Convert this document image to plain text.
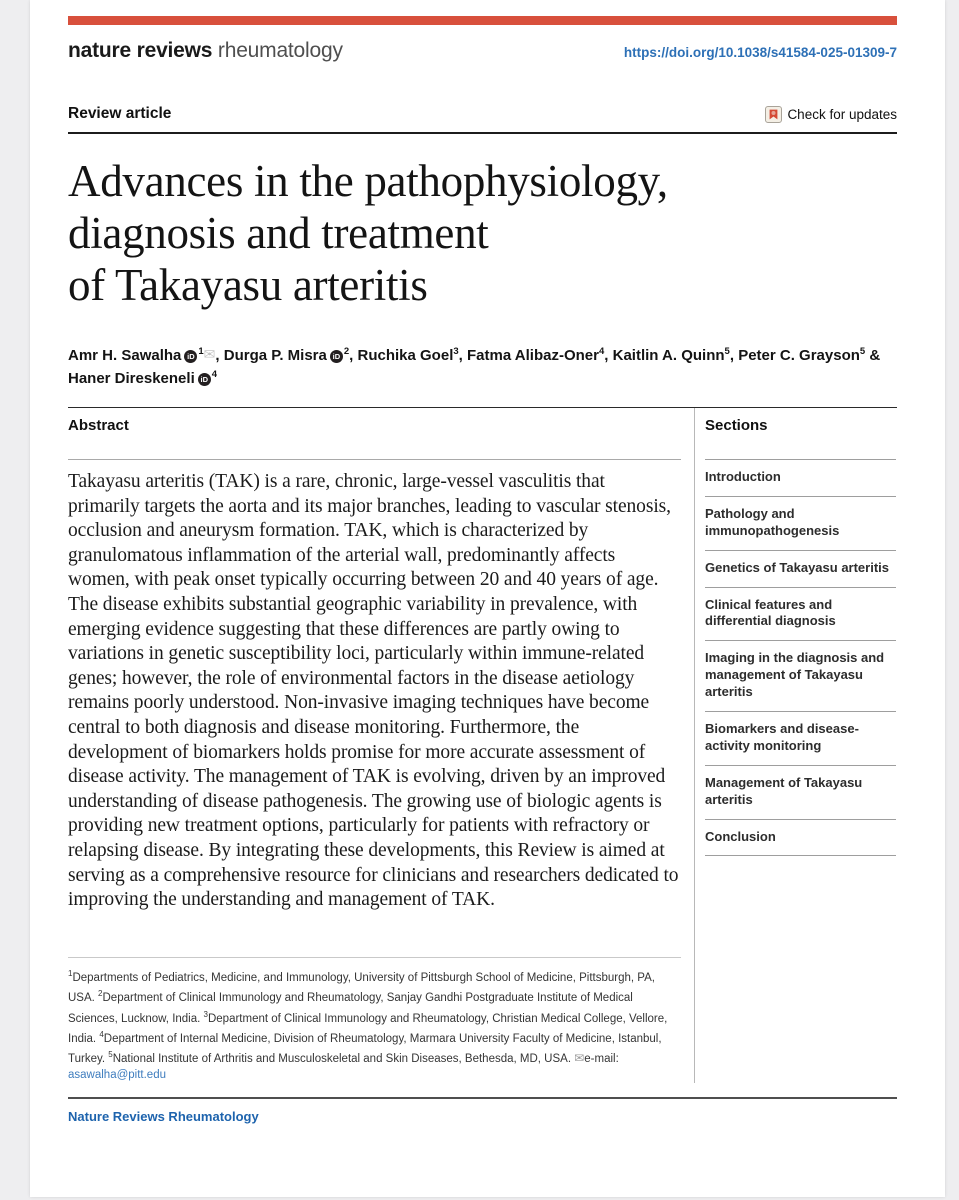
nature reviews rheumatology	https://doi.org/10.1038/s41584-025-01309-7
Review article	Check for updates
Advances in the pathophysiology,
diagnosis and treatment
of Takayasu arteritis
Amr H. Sawalha iD $^1$✉, Durga P. Misra iD $^2$, Ruchika Goel$^3$, Fatma Alibaz-Oner$^4$, Kaitlin A. Quinn$^5$, Peter C. Grayson$^5$ & Haner Direskeneli iD $^4$
Abstract

Takayasu arteritis (TAK) is a rare, chronic, large-vessel vasculitis that primarily targets the aorta and its major branches, leading to vascular stenosis, occlusion and aneurysm formation. TAK, which is characterized by granulomatous inflammation of the arterial wall, predominantly affects women, with peak onset typically occurring between 20 and 40 years of age. The disease exhibits substantial geographic variability in prevalence, with emerging evidence suggesting that these differences are partly owing to variations in genetic susceptibility loci, particularly within immune-related genes; however, the role of environmental factors in the disease aetiology remains poorly understood. Non-invasive imaging techniques have become central to both diagnosis and disease monitoring. Furthermore, the development of biomarkers holds promise for more accurate assessment of disease activity. The management of TAK is evolving, driven by an improved understanding of disease pathogenesis. The growing use of biologic agents is providing new treatment options, particularly for patients with refractory or relapsing disease. By integrating these developments, this Review is aimed at serving as a comprehensive resource for clinicians and researchers dedicated to improving the understanding and management of TAK.

$^1$Departments of Pediatrics, Medicine, and Immunology, University of Pittsburgh School of Medicine, Pittsburgh, PA, USA. $^2$Department of Clinical Immunology and Rheumatology, Sanjay Gandhi Postgraduate Institute of Medical Sciences, Lucknow, India. $^3$Department of Clinical Immunology and Rheumatology, Christian Medical College, Vellore, India. $^4$Department of Internal Medicine, Division of Rheumatology, Marmara University Faculty of Medicine, Istanbul, Turkey. $^5$National Institute of Arthritis and Musculoskeletal and Skin Diseases, Bethesda, MD, USA. ✉e-mail: asawalha@pitt.edu
Sections
Introduction
Pathology and immunopathogenesis
Genetics of Takayasu arteritis
Clinical features and differential diagnosis
Imaging in the diagnosis and management of Takayasu arteritis
Biomarkers and disease-activity monitoring
Management of Takayasu arteritis
Conclusion
Nature Reviews Rheumatology
